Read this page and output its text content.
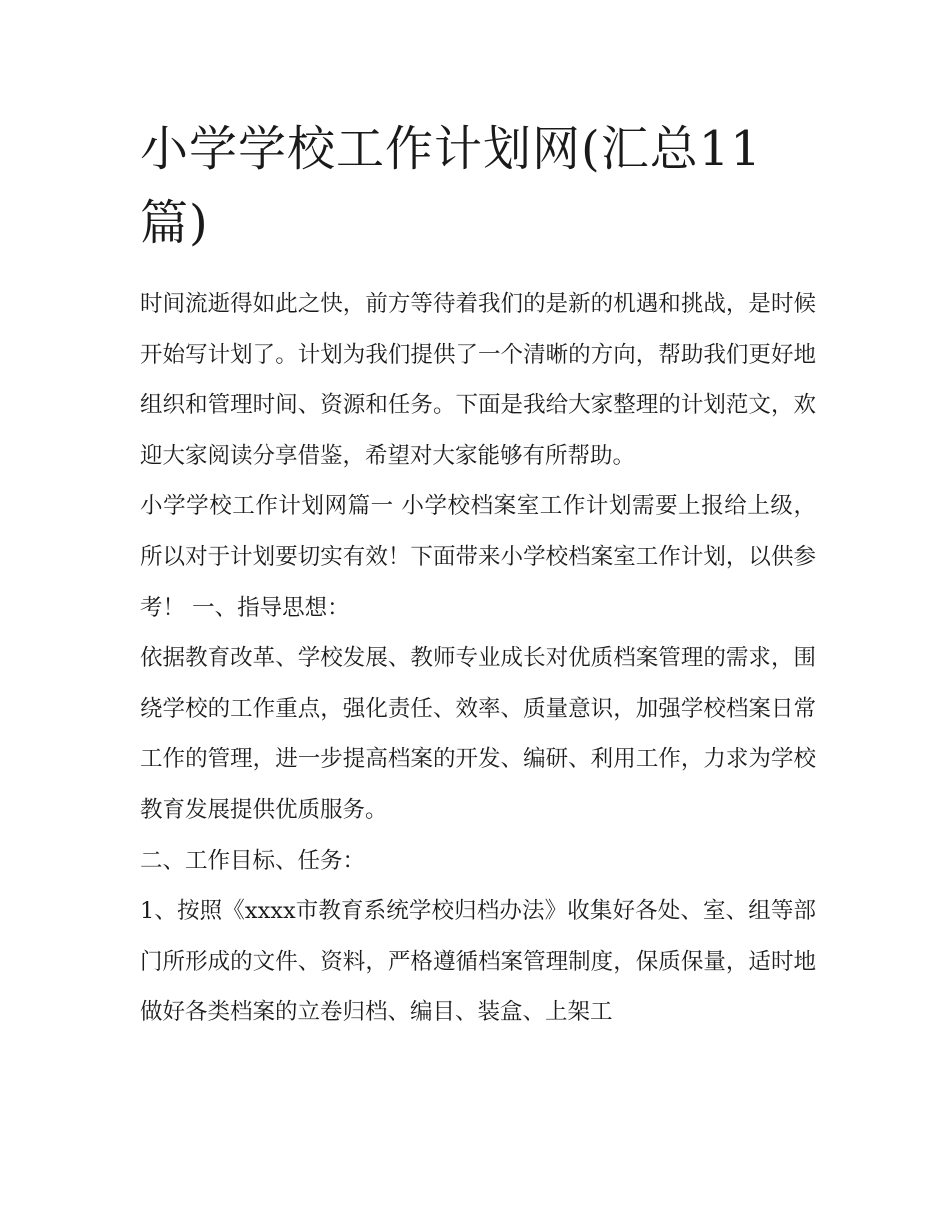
小学学校工作计划网(汇总11篇)

时间流逝得如此之快，前方等待着我们的是新的机遇和挑战，是时候开始写计划了。计划为我们提供了一个清晰的方向，帮助我们更好地组织和管理时间、资源和任务。下面是我给大家整理的计划范文，欢迎大家阅读分享借鉴，希望对大家能够有所帮助。

小学学校工作计划网篇一 小学校档案室工作计划需要上报给上级，所以对于计划要切实有效！下面带来小学校档案室工作计划，以供参考！ 一、指导思想：

依据教育改革、学校发展、教师专业成长对优质档案管理的需求，围绕学校的工作重点，强化责任、效率、质量意识，加强学校档案日常工作的管理，进一步提高档案的开发、编研、利用工作，力求为学校教育发展提供优质服务。

二、工作目标、任务：

1、按照《xxxx市教育系统学校归档办法》收集好各处、室、组等部门所形成的文件、资料，严格遵循档案管理制度，保质保量，适时地做好各类档案的立卷归档、编目、装盒、上架工
